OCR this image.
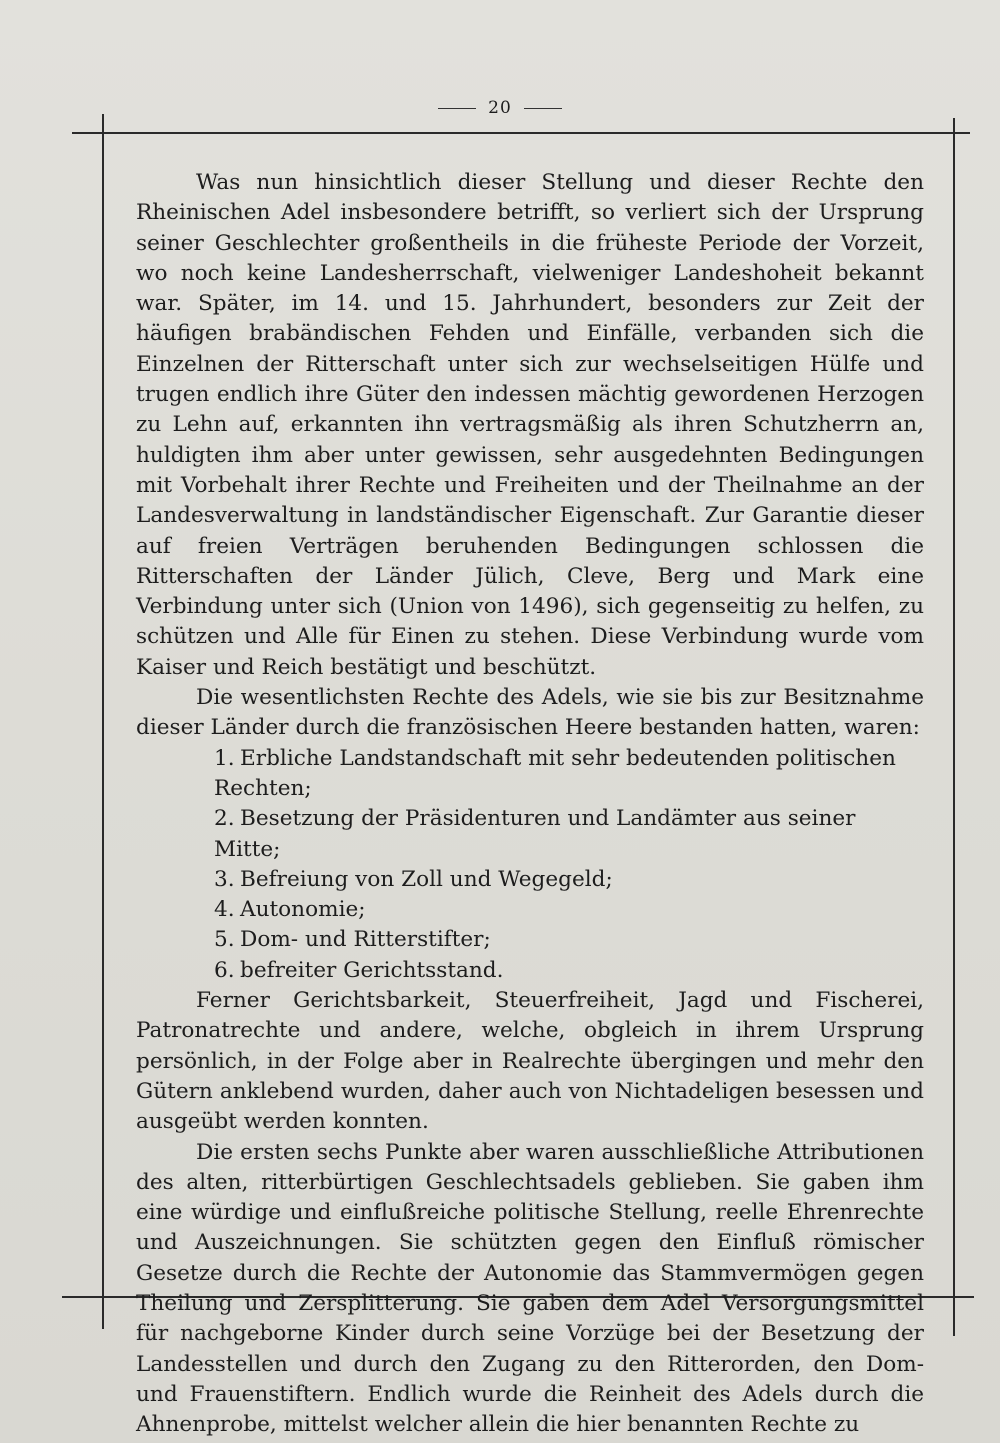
20

Was nun hinsichtlich dieser Stellung und dieser Rechte den Rheinischen Adel insbesondere betrifft, so verliert sich der Ursprung seiner Geschlechter großentheils in die früheste Periode der Vorzeit, wo noch keine Landesherrschaft, vielweniger Landeshoheit bekannt war. Später, im 14. und 15. Jahrhundert, besonders zur Zeit der häufigen brabändischen Fehden und Einfälle, verbanden sich die Einzelnen der Ritterschaft unter sich zur wechselseitigen Hülfe und trugen endlich ihre Güter den indessen mächtig gewordenen Herzogen zu Lehn auf, erkannten ihn vertragsmäßig als ihren Schutzherrn an, huldigten ihm aber unter gewissen, sehr ausgedehnten Bedingungen mit Vorbehalt ihrer Rechte und Freiheiten und der Theilnahme an der Landesverwaltung in landständischer Eigenschaft. Zur Garantie dieser auf freien Verträgen beruhenden Bedingungen schlossen die Ritterschaften der Länder Jülich, Cleve, Berg und Mark eine Verbindung unter sich (Union von 1496), sich gegenseitig zu helfen, zu schützen und Alle für Einen zu stehen. Diese Verbindung wurde vom Kaiser und Reich bestätigt und beschützt.

Die wesentlichsten Rechte des Adels, wie sie bis zur Besitznahme dieser Länder durch die französischen Heere bestanden hatten, waren:

1. Erbliche Landstandschaft mit sehr bedeutenden politischen Rechten;
2. Besetzung der Präsidenturen und Landämter aus seiner Mitte;
3. Befreiung von Zoll und Wegegeld;
4. Autonomie;
5. Dom- und Ritterstifter;
6. befreiter Gerichtsstand.

Ferner Gerichtsbarkeit, Steuerfreiheit, Jagd und Fischerei, Patronatrechte und andere, welche, obgleich in ihrem Ursprung persönlich, in der Folge aber in Realrechte übergingen und mehr den Gütern anklebend wurden, daher auch von Nichtadeligen besessen und ausgeübt werden konnten.

Die ersten sechs Punkte aber waren ausschließliche Attributionen des alten, ritterbürtigen Geschlechtsadels geblieben. Sie gaben ihm eine würdige und einflußreiche politische Stellung, reelle Ehrenrechte und Auszeichnungen. Sie schützten gegen den Einfluß römischer Gesetze durch die Rechte der Autonomie das Stammvermögen gegen Theilung und Zersplitterung. Sie gaben dem Adel Versorgungsmittel für nachgeborne Kinder durch seine Vorzüge bei der Besetzung der Landesstellen und durch den Zugang zu den Ritterorden, den Dom- und Frauenstiftern. Endlich wurde die Reinheit des Adels durch die Ahnenprobe, mittelst welcher allein die hier benannten Rechte zu
